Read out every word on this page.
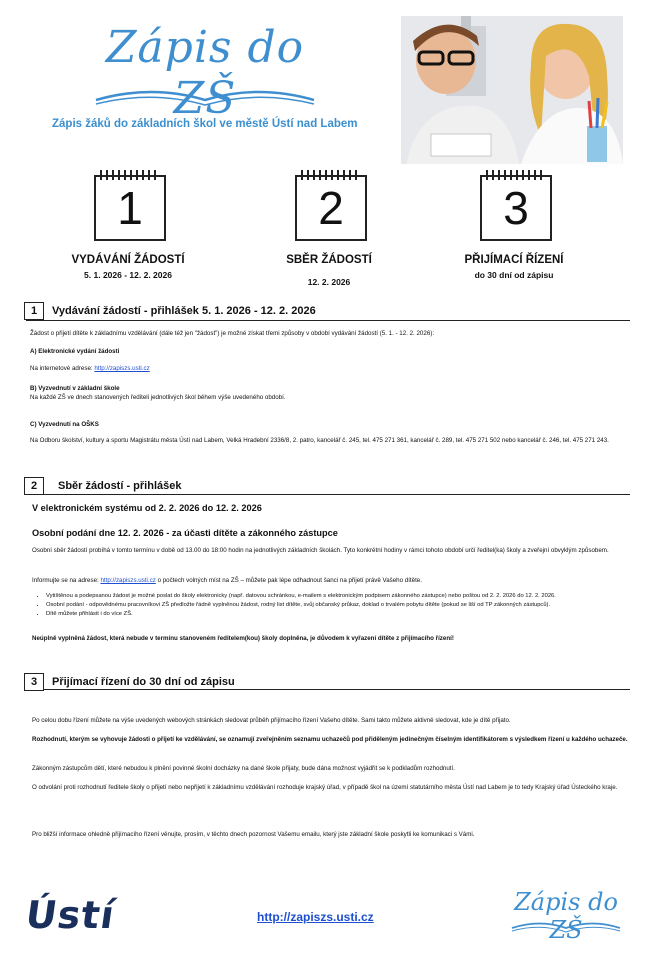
Zápis do ZŠ
Zápis žáků do základních škol ve městě Ústí nad Labem
1
VYDÁVÁNÍ ŽÁDOSTÍ
5. 1. 2026 - 12. 2. 2026
2
SBĚR ŽÁDOSTÍ
12. 2. 2026
3
PŘIJÍMACÍ ŘÍZENÍ
do 30 dní od zápisu
1	Vydávání žádostí - přihlášek 5. 1. 2026 - 12. 2. 2026
Žádost o přijetí dítěte k základnímu vzdělávání (dále též jen "žádost") je možné získat třemi způsoby v období vydávání žádostí (5. 1. - 12. 2. 2026):
A) Elektronické vydání žádosti
Na internetové adrese: http://zapiszs.usti.cz
B) Vyzvednutí v základní škole
Na každé ZŠ ve dnech stanovených řediteli jednotlivých škol během výše uvedeného období.
C) Vyzvednutí na OŠKS
Na Odboru školství, kultury a sportu Magistrátu města Ústí nad Labem, Velká Hradební 2336/8, 2. patro, kancelář č. 245, tel. 475 271 361, kancelář č. 289, tel. 475 271 502 nebo kancelář č. 246, tel. 475 271 243.
2	Sběr žádostí - přihlášek
V elektronickém systému od 2. 2. 2026 do 12. 2. 2026
Osobní podání dne 12. 2. 2026 - za účasti dítěte a zákonného zástupce
Osobní sběr žádostí probíhá v tomto termínu v době od 13.00 do 18:00 hodin na jednotlivých základních školách. Tyto konkrétní hodiny v rámci tohoto období určí ředitel(ka) školy a zveřejní obvyklým způsobem.
Informujte se na adrese: http://zapiszs.usti.cz o počtech volných míst na ZŠ – můžete pak lépe odhadnout šanci na přijetí právě Vašeho dítěte.
• Vytištěnou a podepsanou žádost je možné poslat do školy elektronicky (např. datovou schránkou, e-mailem s elektronickým podpisem zákonného zástupce) nebo poštou od 2. 2. 2026 do 12. 2. 2026.
• Osobní podání - odpovědnému pracovníkovi ZŠ předložte řádně vyplněnou žádost, rodný list dítěte, svůj občanský průkaz, doklad o trvalém pobytu dítěte (pokud se liší od TP zákonných zástupců).
• Dítě můžete přihlásit i do více ZŠ.
Neúplně vyplněná žádost, která nebude v termínu stanoveném ředitelem(kou) školy doplněna, je důvodem k vyřazení dítěte z přijímacího řízení!
3	Přijímací řízení do 30 dní od zápisu
Po celou dobu řízení můžete na výše uvedených webových stránkách sledovat průběh přijímacího řízení Vašeho dítěte. Sami takto můžete aktivně sledovat, kde je dítě přijato.
Rozhodnutí, kterým se vyhovuje žádosti o přijetí ke vzdělávání, se oznamují zveřejněním seznamu uchazečů pod přiděleným jedinečným číselným identifikátorem s výsledkem řízení u každého uchazeče.
Zákonným zástupcům dětí, které nebudou k plnění povinné školní docházky na dané škole přijaty, bude dána možnost vyjádřit se k podkladům rozhodnutí.
O odvolání proti rozhodnutí ředitele školy o přijetí nebo nepřijetí k základnímu vzdělávání rozhoduje krajský úřad, v případě škol na území statutárního města Ústí nad Labem je to tedy Krajský úřad Ústeckého kraje.
Pro bližší informace ohledně přijímacího řízení věnujte, prosím, v těchto dnech pozornost Vašemu emailu, který jste základní škole poskytli ke komunikaci s Vámi.
Ústí	http://zapiszs.usti.cz
Zápis do ZŠ
